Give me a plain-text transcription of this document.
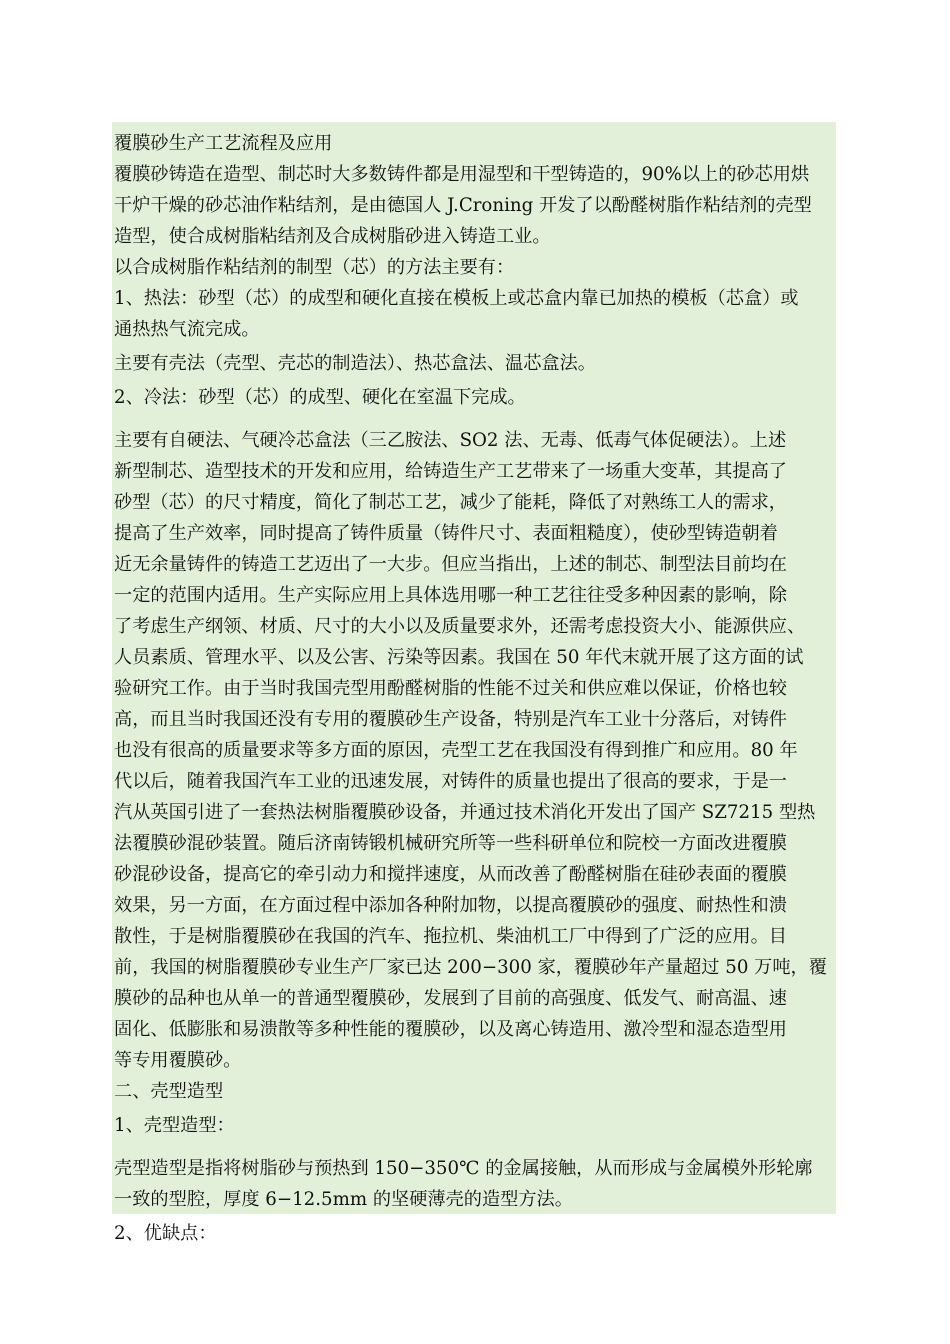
覆膜砂生产工艺流程及应用
覆膜砂铸造在造型、制芯时大多数铸件都是用湿型和干型铸造的，90%以上的砂芯用烘
干炉干燥的砂芯油作粘结剂，是由德国人 J.Croning 开发了以酚醛树脂作粘结剂的壳型
造型，使合成树脂粘结剂及合成树脂砂进入铸造工业。
以合成树脂作粘结剂的制型（芯）的方法主要有：
1、热法：砂型（芯）的成型和硬化直接在模板上或芯盒内靠已加热的模板（芯盒）或
通热热气流完成。
主要有壳法（壳型、壳芯的制造法）、热芯盒法、温芯盒法。
2、冷法：砂型（芯）的成型、硬化在室温下完成。
主要有自硬法、气硬冷芯盒法（三乙胺法、SO2 法、无毒、低毒气体促硬法）。上述
新型制芯、造型技术的开发和应用，给铸造生产工艺带来了一场重大变革，其提高了
砂型（芯）的尺寸精度，简化了制芯工艺，减少了能耗，降低了对熟练工人的需求，
提高了生产效率，同时提高了铸件质量（铸件尺寸、表面粗糙度），使砂型铸造朝着
近无余量铸件的铸造工艺迈出了一大步。但应当指出，上述的制芯、制型法目前均在
一定的范围内适用。生产实际应用上具体选用哪一种工艺往往受多种因素的影响，除
了考虑生产纲领、材质、尺寸的大小以及质量要求外，还需考虑投资大小、能源供应、
人员素质、管理水平、以及公害、污染等因素。我国在 50 年代末就开展了这方面的试
验研究工作。由于当时我国壳型用酚醛树脂的性能不过关和供应难以保证，价格也较
高，而且当时我国还没有专用的覆膜砂生产设备，特别是汽车工业十分落后，对铸件
也没有很高的质量要求等多方面的原因，壳型工艺在我国没有得到推广和应用。80 年
代以后，随着我国汽车工业的迅速发展，对铸件的质量也提出了很高的要求，于是一
汽从英国引进了一套热法树脂覆膜砂设备，并通过技术消化开发出了国产 SZ7215 型热
法覆膜砂混砂装置。随后济南铸锻机械研究所等一些科研单位和院校一方面改进覆膜
砂混砂设备，提高它的牵引动力和搅拌速度，从而改善了酚醛树脂在硅砂表面的覆膜
效果，另一方面，在方面过程中添加各种附加物，以提高覆膜砂的强度、耐热性和溃
散性，于是树脂覆膜砂在我国的汽车、拖拉机、柴油机工厂中得到了广泛的应用。目
前，我国的树脂覆膜砂专业生产厂家已达 200−300 家，覆膜砂年产量超过 50 万吨，覆
膜砂的品种也从单一的普通型覆膜砂，发展到了目前的高强度、低发气、耐高温、速
固化、低膨胀和易溃散等多种性能的覆膜砂，以及离心铸造用、激冷型和湿态造型用
等专用覆膜砂。
二、壳型造型
1、壳型造型：
壳型造型是指将树脂砂与预热到 150−350℃ 的金属接触，从而形成与金属模外形轮廓
一致的型腔，厚度 6−12.5mm 的坚硬薄壳的造型方法。
2、优缺点：
